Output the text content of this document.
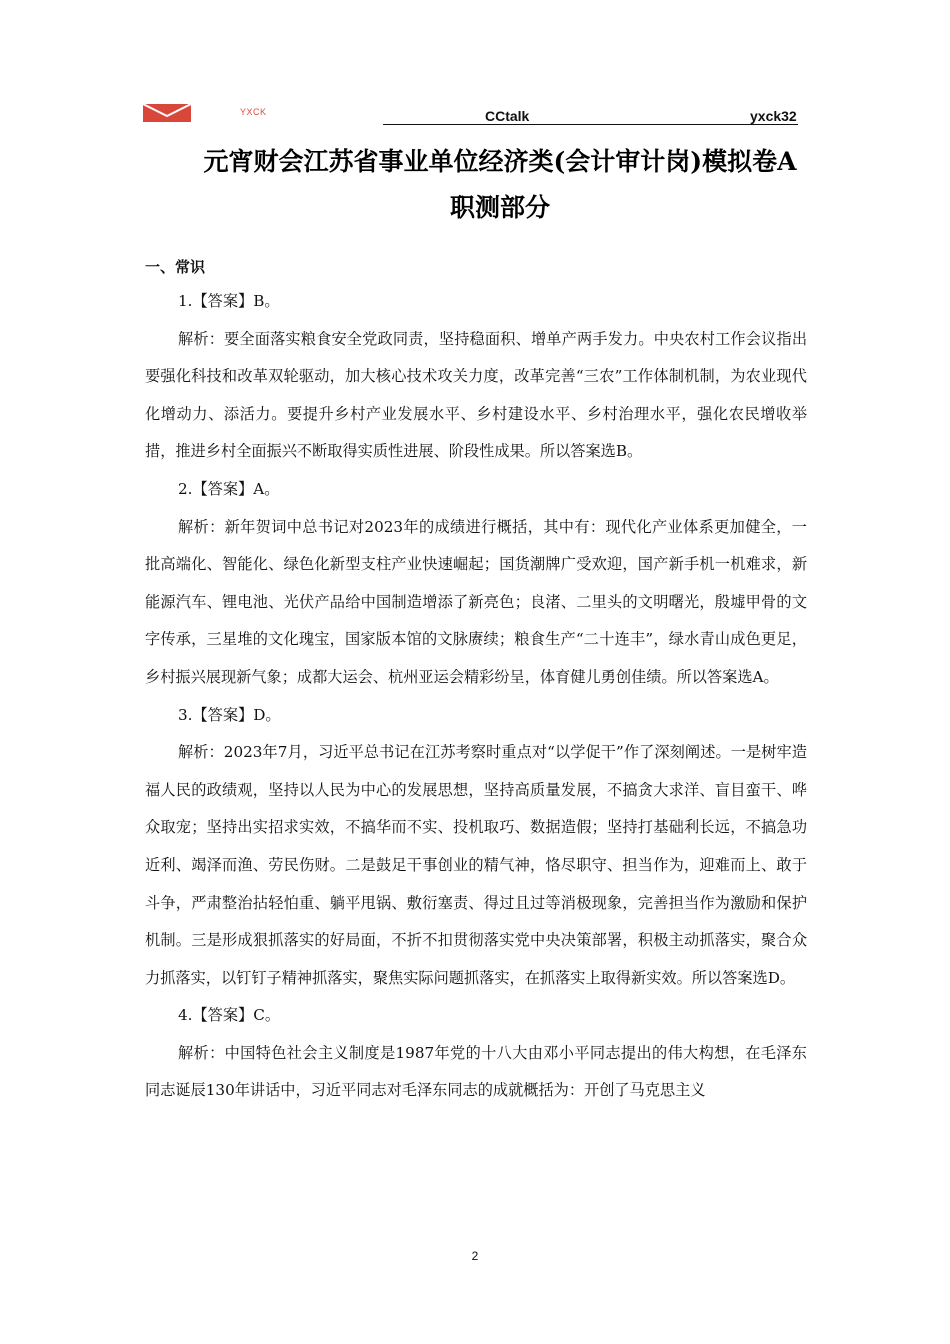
YXCK	CCtalk	yxck32
元宵财会江苏省事业单位经济类(会计审计岗)模拟卷A
职测部分
一、常识

1.【答案】B。

解析：要全面落实粮食安全党政同责，坚持稳面积、增单产两手发力。中央农村工作会议指出要强化科技和改革双轮驱动，加大核心技术攻关力度，改革完善“三农”工作体制机制，为农业现代化增动力、添活力。要提升乡村产业发展水平、乡村建设水平、乡村治理水平，强化农民增收举措，推进乡村全面振兴不断取得实质性进展、阶段性成果。所以答案选B。

2.【答案】A。

解析：新年贺词中总书记对2023年的成绩进行概括，其中有：现代化产业体系更加健全，一批高端化、智能化、绿色化新型支柱产业快速崛起；国货潮牌广受欢迎，国产新手机一机难求，新能源汽车、锂电池、光伏产品给中国制造增添了新亮色；良渚、二里头的文明曙光，殷墟甲骨的文字传承，三星堆的文化瑰宝，国家版本馆的文脉赓续；粮食生产“二十连丰”，绿水青山成色更足，乡村振兴展现新气象；成都大运会、杭州亚运会精彩纷呈，体育健儿勇创佳绩。所以答案选A。

3.【答案】D。

解析：2023年7月，习近平总书记在江苏考察时重点对“以学促干”作了深刻阐述。一是树牢造福人民的政绩观，坚持以人民为中心的发展思想，坚持高质量发展，不搞贪大求洋、盲目蛮干、哗众取宠；坚持出实招求实效，不搞华而不实、投机取巧、数据造假；坚持打基础利长远，不搞急功近利、竭泽而渔、劳民伤财。二是鼓足干事创业的精气神，恪尽职守、担当作为，迎难而上、敢于斗争，严肃整治拈轻怕重、躺平甩锅、敷衍塞责、得过且过等消极现象，完善担当作为激励和保护机制。三是形成狠抓落实的好局面，不折不扣贯彻落实党中央决策部署，积极主动抓落实，聚合众力抓落实，以钉钉子精神抓落实，聚焦实际问题抓落实，在抓落实上取得新实效。所以答案选D。

4.【答案】C。

解析：中国特色社会主义制度是1987年党的十八大由邓小平同志提出的伟大构想，在毛泽东同志诞辰130年讲话中，习近平同志对毛泽东同志的成就概括为：开创了马克思主义

2
